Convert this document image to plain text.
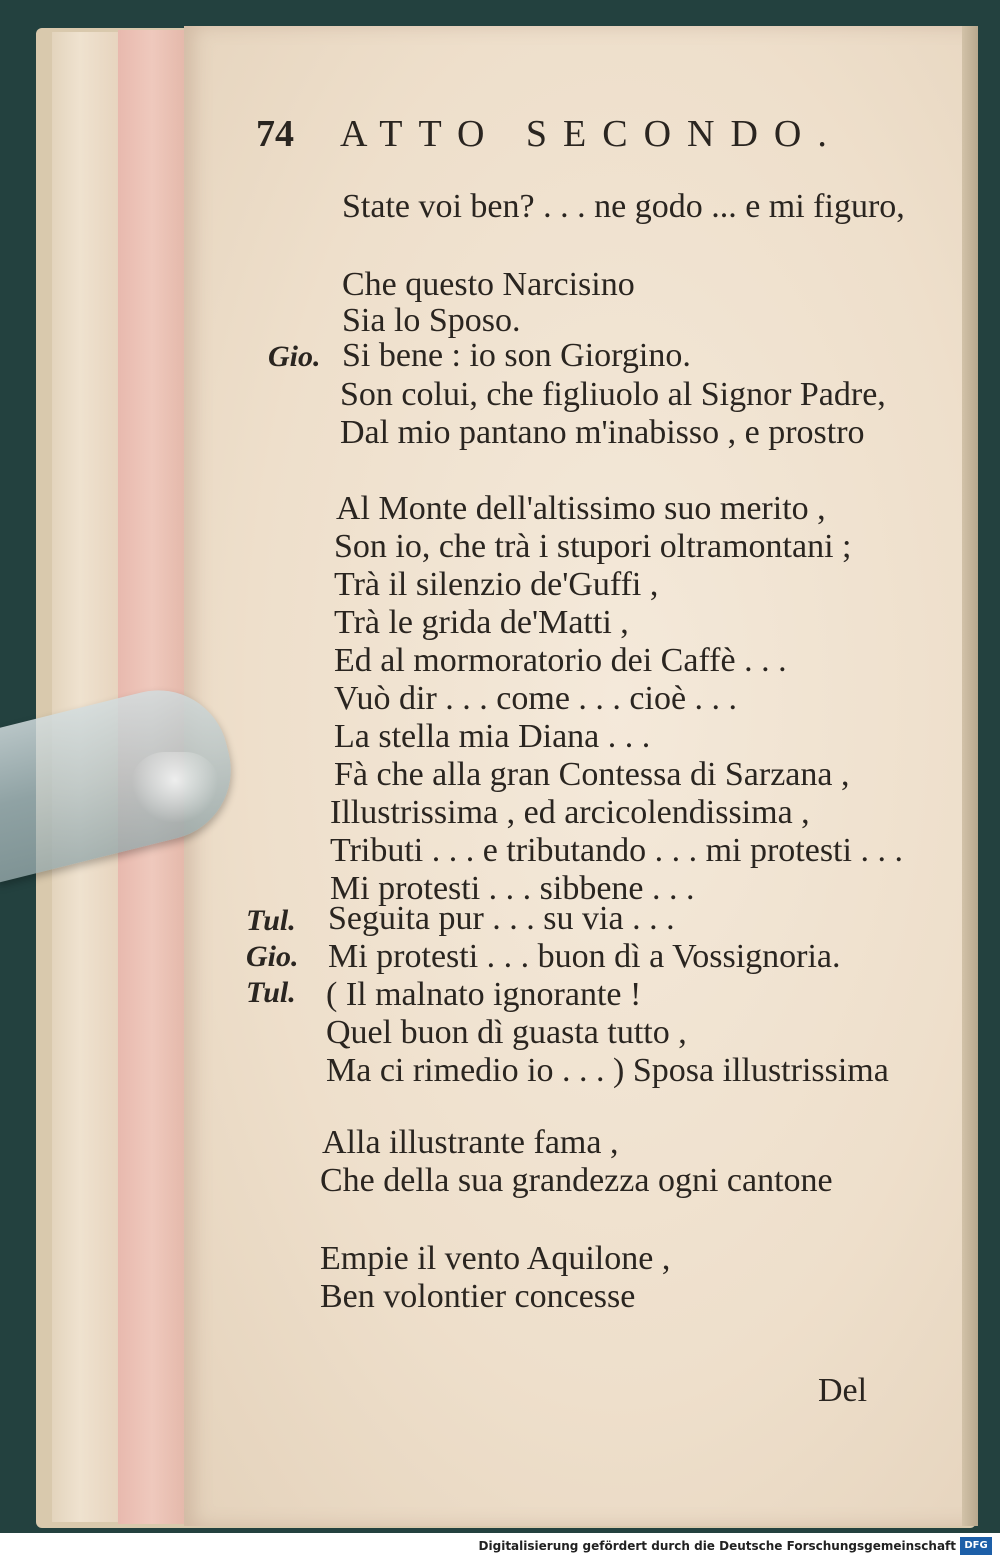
74 ATTO SECONDO.
State voi ben? . . . ne godo ... e mi figuro,
Che questo Narcisino
Sia lo Sposo.
Gio. Si bene : io son Giorgino.
Son colui, che figliuolo al Signor Padre,
Dal mio pantano m'inabisso , e prostro
Al Monte dell'altissimo suo merito ,
Son io, che trà i stupori oltramontani ;
Trà il silenzio de'Guffi ,
Trà le grida de'Matti ,
Ed al mormoratorio dei Caffè . . .
Vuò dir . . . come . . . cioè . . .
La stella mia Diana . . .
Fà che alla gran Contessa di Sarzana ,
Illustrissima , ed arcicolendissima ,
Tributi . . . e tributando . . . mi protesti . . .
Mi protesti . . . sibbene . . .
Tul. Seguita pur . . . su via . . .
Gio. Mi protesti . . . buon dì a Vossignoria.
Tul. ( Il malnato ignorante !
Quel buon dì guasta tutto ,
Ma ci rimedio io . . . ) Sposa illustrissima
Alla illustrante fama ,
Che della sua grandezza ogni cantone
Empie il vento Aquilone ,
Ben volontier concesse
Del
Digitalisierung gefördert durch die Deutsche Forschungsgemeinschaft DFG
